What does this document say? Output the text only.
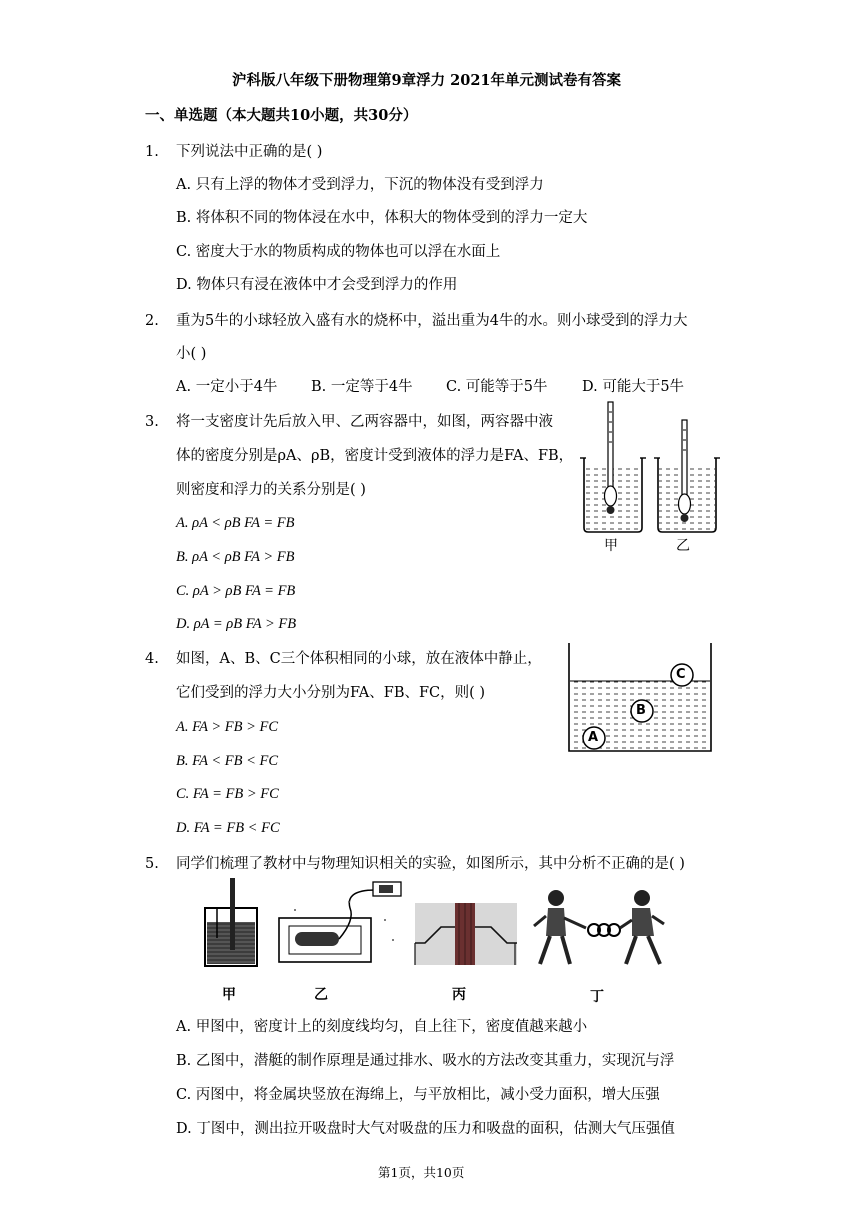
沪科版八年级下册物理第9章浮力 2021年单元测试卷有答案
一、单选题（本大题共10小题，共30分）
1. 下列说法中正确的是( )
A. 只有上浮的物体才受到浮力，下沉的物体没有受到浮力
B. 将体积不同的物体浸在水中，体积大的物体受到的浮力一定大
C. 密度大于水的物质构成的物体也可以浮在水面上
D. 物体只有浸在液体中才会受到浮力的作用
2. 重为5牛的小球轻放入盛有水的烧杯中，溢出重为4牛的水。则小球受到的浮力大
小( )
A. 一定小于4牛 B. 一定等于4牛 C. 可能等于5牛 D. 可能大于5牛
3. 将一支密度计先后放入甲、乙两容器中，如图，两容器中液
体的密度分别是ρA、ρB，密度计受到液体的浮力是FA、FB，
则密度和浮力的关系分别是( )
A. ρA < ρB FA = FB
B. ρA < ρB FA > FB
C. ρA > ρB FA = FB
D. ρA = ρB FA > FB
甲	乙
4. 如图，A、B、C三个体积相同的小球，放在液体中静止，
它们受到的浮力大小分别为FA、FB、FC，则( )
A. FA > FB > FC
B. FA < FB < FC
C. FA = FB > FC
D. FA = FB < FC
C
B
A
5. 同学们梳理了教材中与物理知识相关的实验，如图所示，其中分析不正确的是( )
甲	乙	丙	丁
A. 甲图中，密度计上的刻度线均匀，自上往下，密度值越来越小
B. 乙图中，潜艇的制作原理是通过排水、吸水的方法改变其重力，实现沉与浮
C. 丙图中，将金属块竖放在海绵上，与平放相比，减小受力面积，增大压强
D. 丁图中，测出拉开吸盘时大气对吸盘的压力和吸盘的面积，估测大气压强值
第1页，共10页
